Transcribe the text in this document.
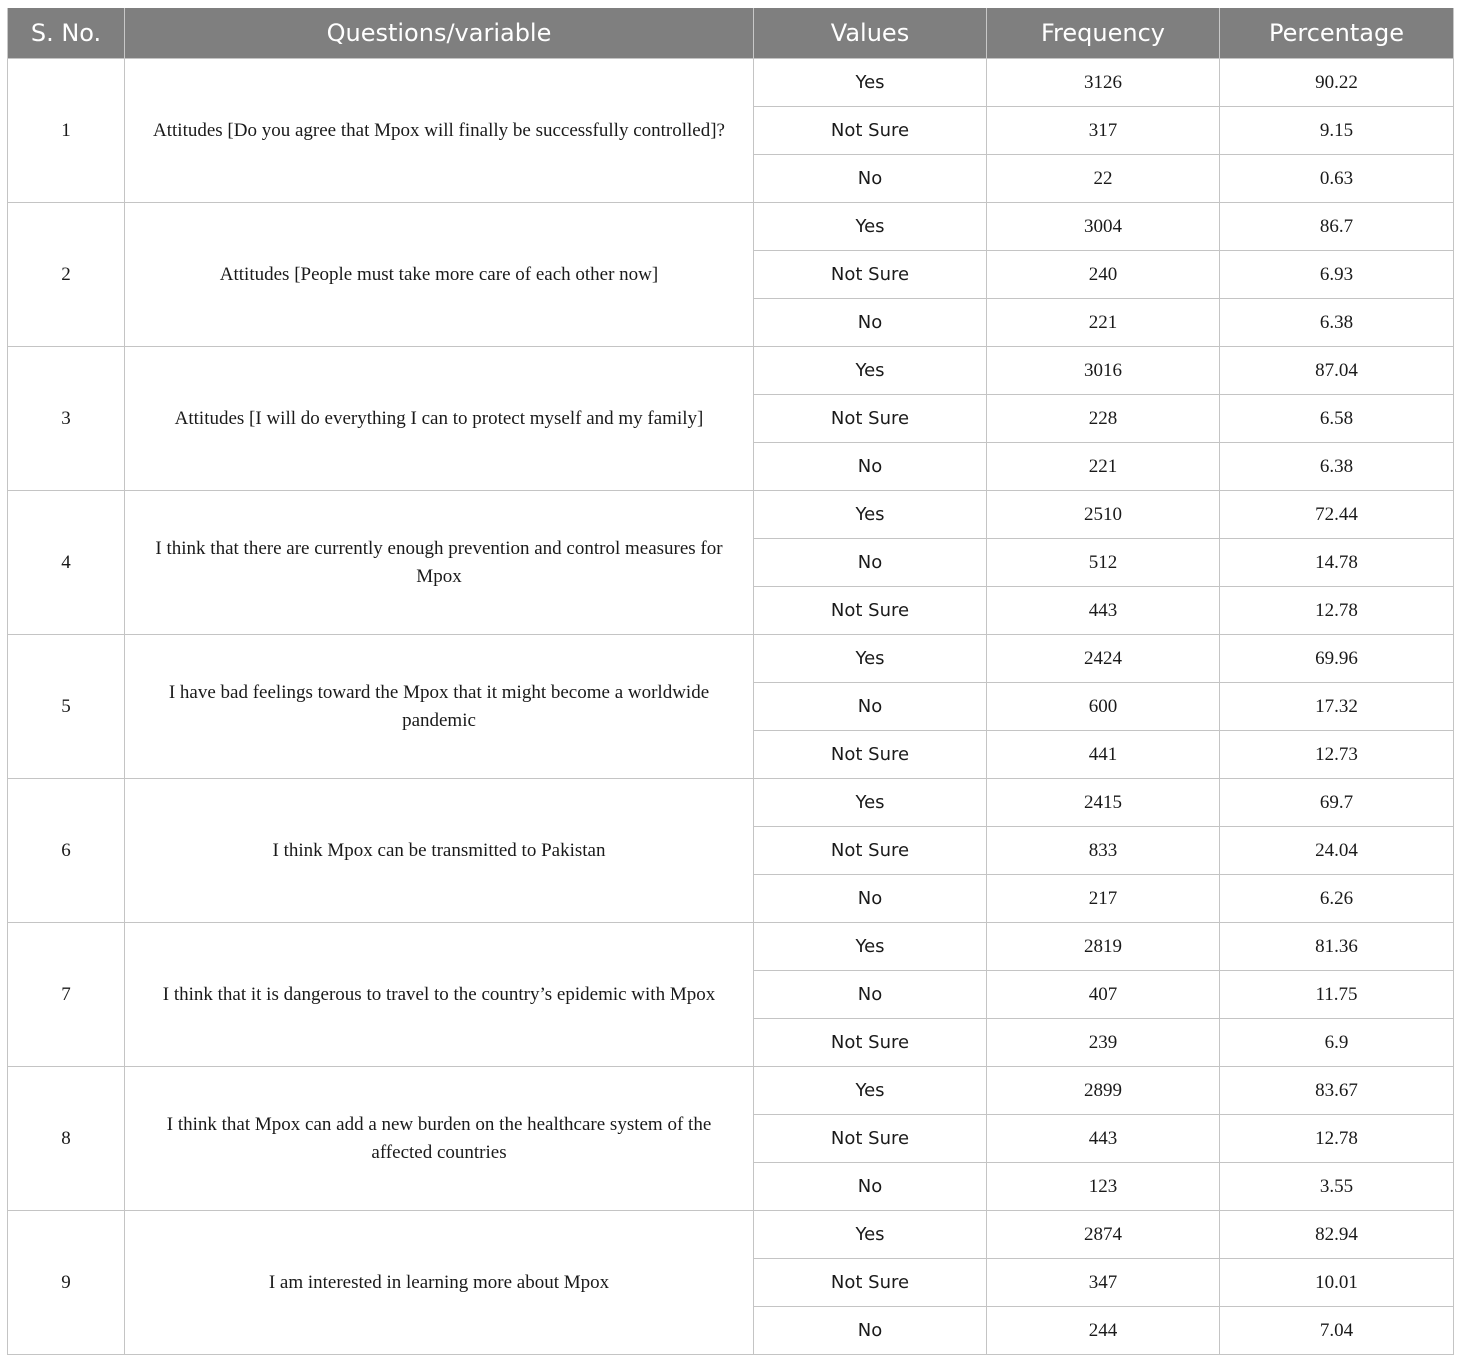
S. No.	Questions/variable	Values	Frequency	Percentage
1	Attitudes [Do you agree that Mpox will finally be successfully controlled]?	Yes	3126	90.22
		Not Sure	317	9.15
		No	22	0.63
2	Attitudes [People must take more care of each other now]	Yes	3004	86.7
		Not Sure	240	6.93
		No	221	6.38
3	Attitudes [I will do everything I can to protect myself and my family]	Yes	3016	87.04
		Not Sure	228	6.58
		No	221	6.38
4	I think that there are currently enough prevention and control measures for Mpox	Yes	2510	72.44
		No	512	14.78
		Not Sure	443	12.78
5	I have bad feelings toward the Mpox that it might become a worldwide pandemic	Yes	2424	69.96
		No	600	17.32
		Not Sure	441	12.73
6	I think Mpox can be transmitted to Pakistan	Yes	2415	69.7
		Not Sure	833	24.04
		No	217	6.26
7	I think that it is dangerous to travel to the country’s epidemic with Mpox	Yes	2819	81.36
		No	407	11.75
		Not Sure	239	6.9
8	I think that Mpox can add a new burden on the healthcare system of the affected countries	Yes	2899	83.67
		Not Sure	443	12.78
		No	123	3.55
9	I am interested in learning more about Mpox	Yes	2874	82.94
		Not Sure	347	10.01
		No	244	7.04
